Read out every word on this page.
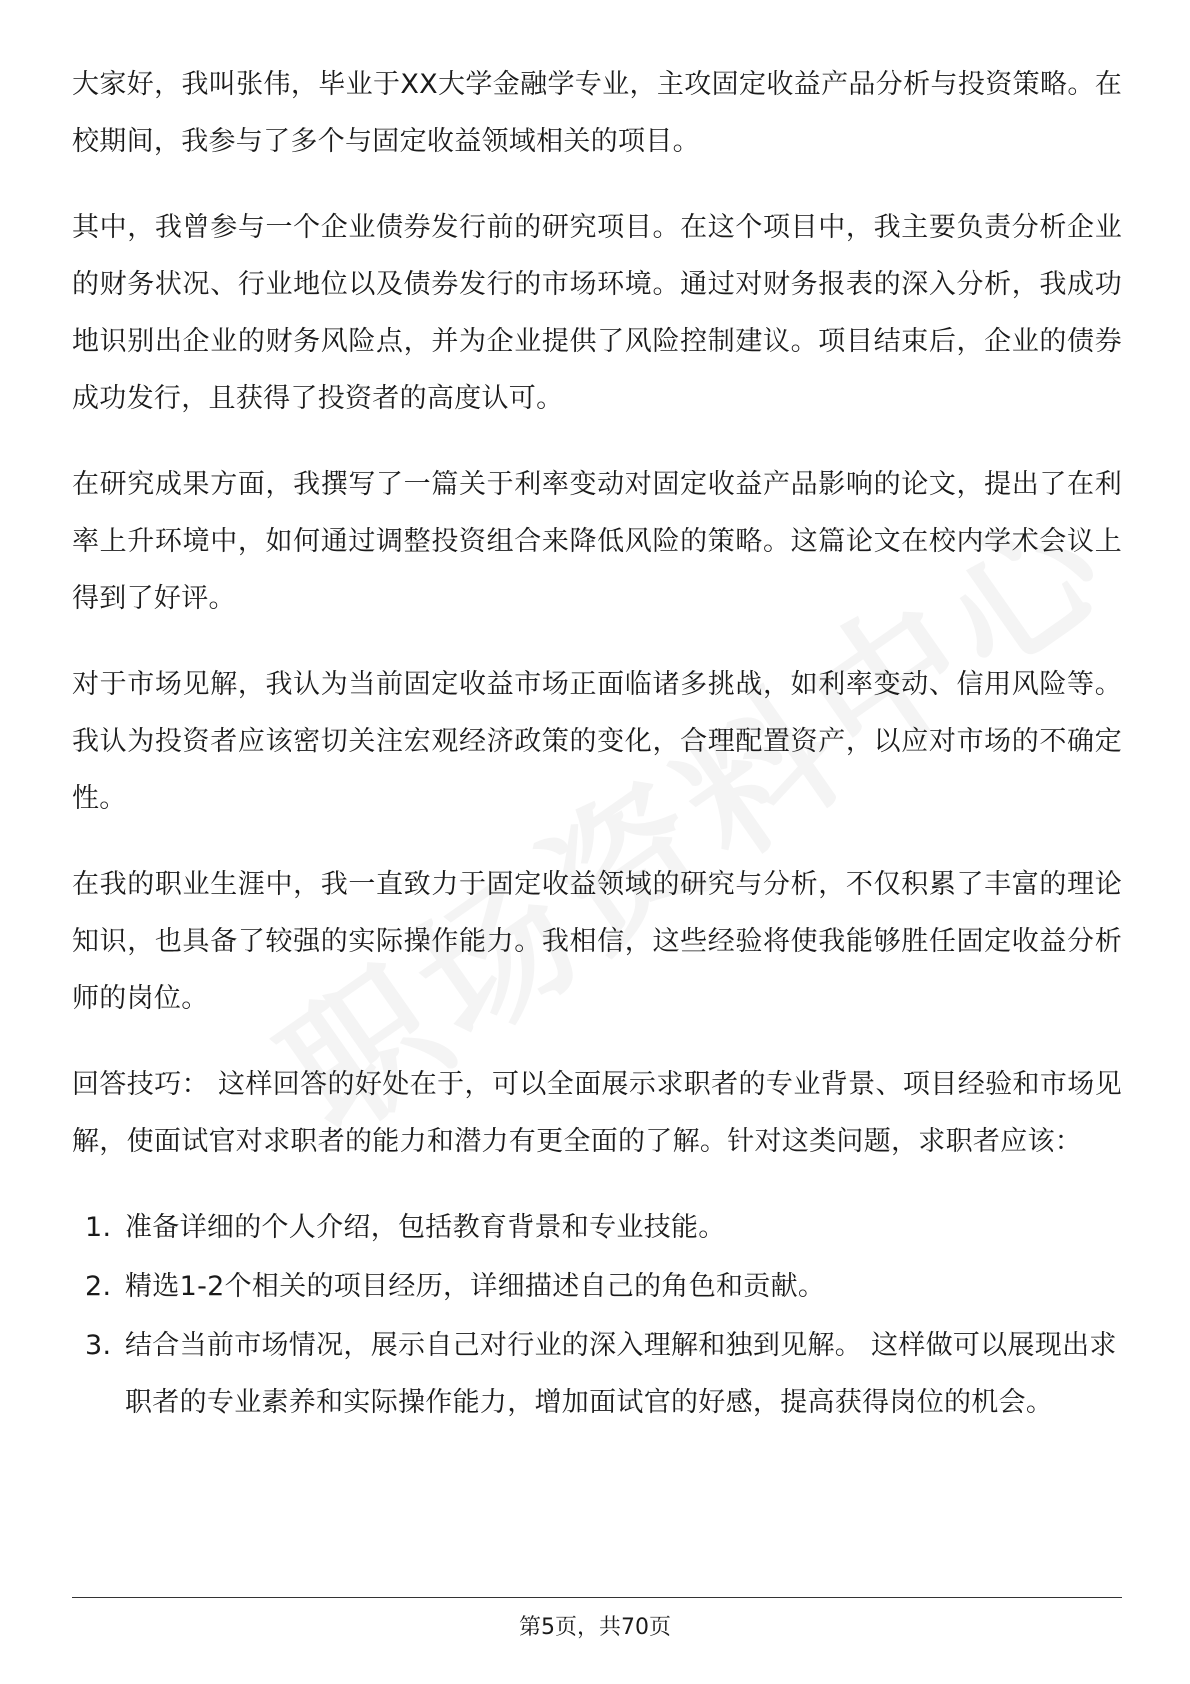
大家好，我叫张伟，毕业于XX大学金融学专业，主攻固定收益产品分析与投资策略。在校期间，我参与了多个与固定收益领域相关的项目。

其中，我曾参与一个企业债券发行前的研究项目。在这个项目中，我主要负责分析企业的财务状况、行业地位以及债券发行的市场环境。通过对财务报表的深入分析，我成功地识别出企业的财务风险点，并为企业提供了风险控制建议。项目结束后，企业的债券成功发行，且获得了投资者的高度认可。

在研究成果方面，我撰写了一篇关于利率变动对固定收益产品影响的论文，提出了在利率上升环境中，如何通过调整投资组合来降低风险的策略。这篇论文在校内学术会议上得到了好评。

对于市场见解，我认为当前固定收益市场正面临诸多挑战，如利率变动、信用风险等。我认为投资者应该密切关注宏观经济政策的变化，合理配置资产，以应对市场的不确定性。

在我的职业生涯中，我一直致力于固定收益领域的研究与分析，不仅积累了丰富的理论知识，也具备了较强的实际操作能力。我相信，这些经验将使我能够胜任固定收益分析师的岗位。

回答技巧： 这样回答的好处在于，可以全面展示求职者的专业背景、项目经验和市场见解，使面试官对求职者的能力和潜力有更全面的了解。针对这类问题，求职者应该：

1. 准备详细的个人介绍，包括教育背景和专业技能。
2. 精选1-2个相关的项目经历，详细描述自己的角色和贡献。
3. 结合当前市场情况，展示自己对行业的深入理解和独到见解。 这样做可以展现出求职者的专业素养和实际操作能力，增加面试官的好感，提高获得岗位的机会。
第5页，共70页
